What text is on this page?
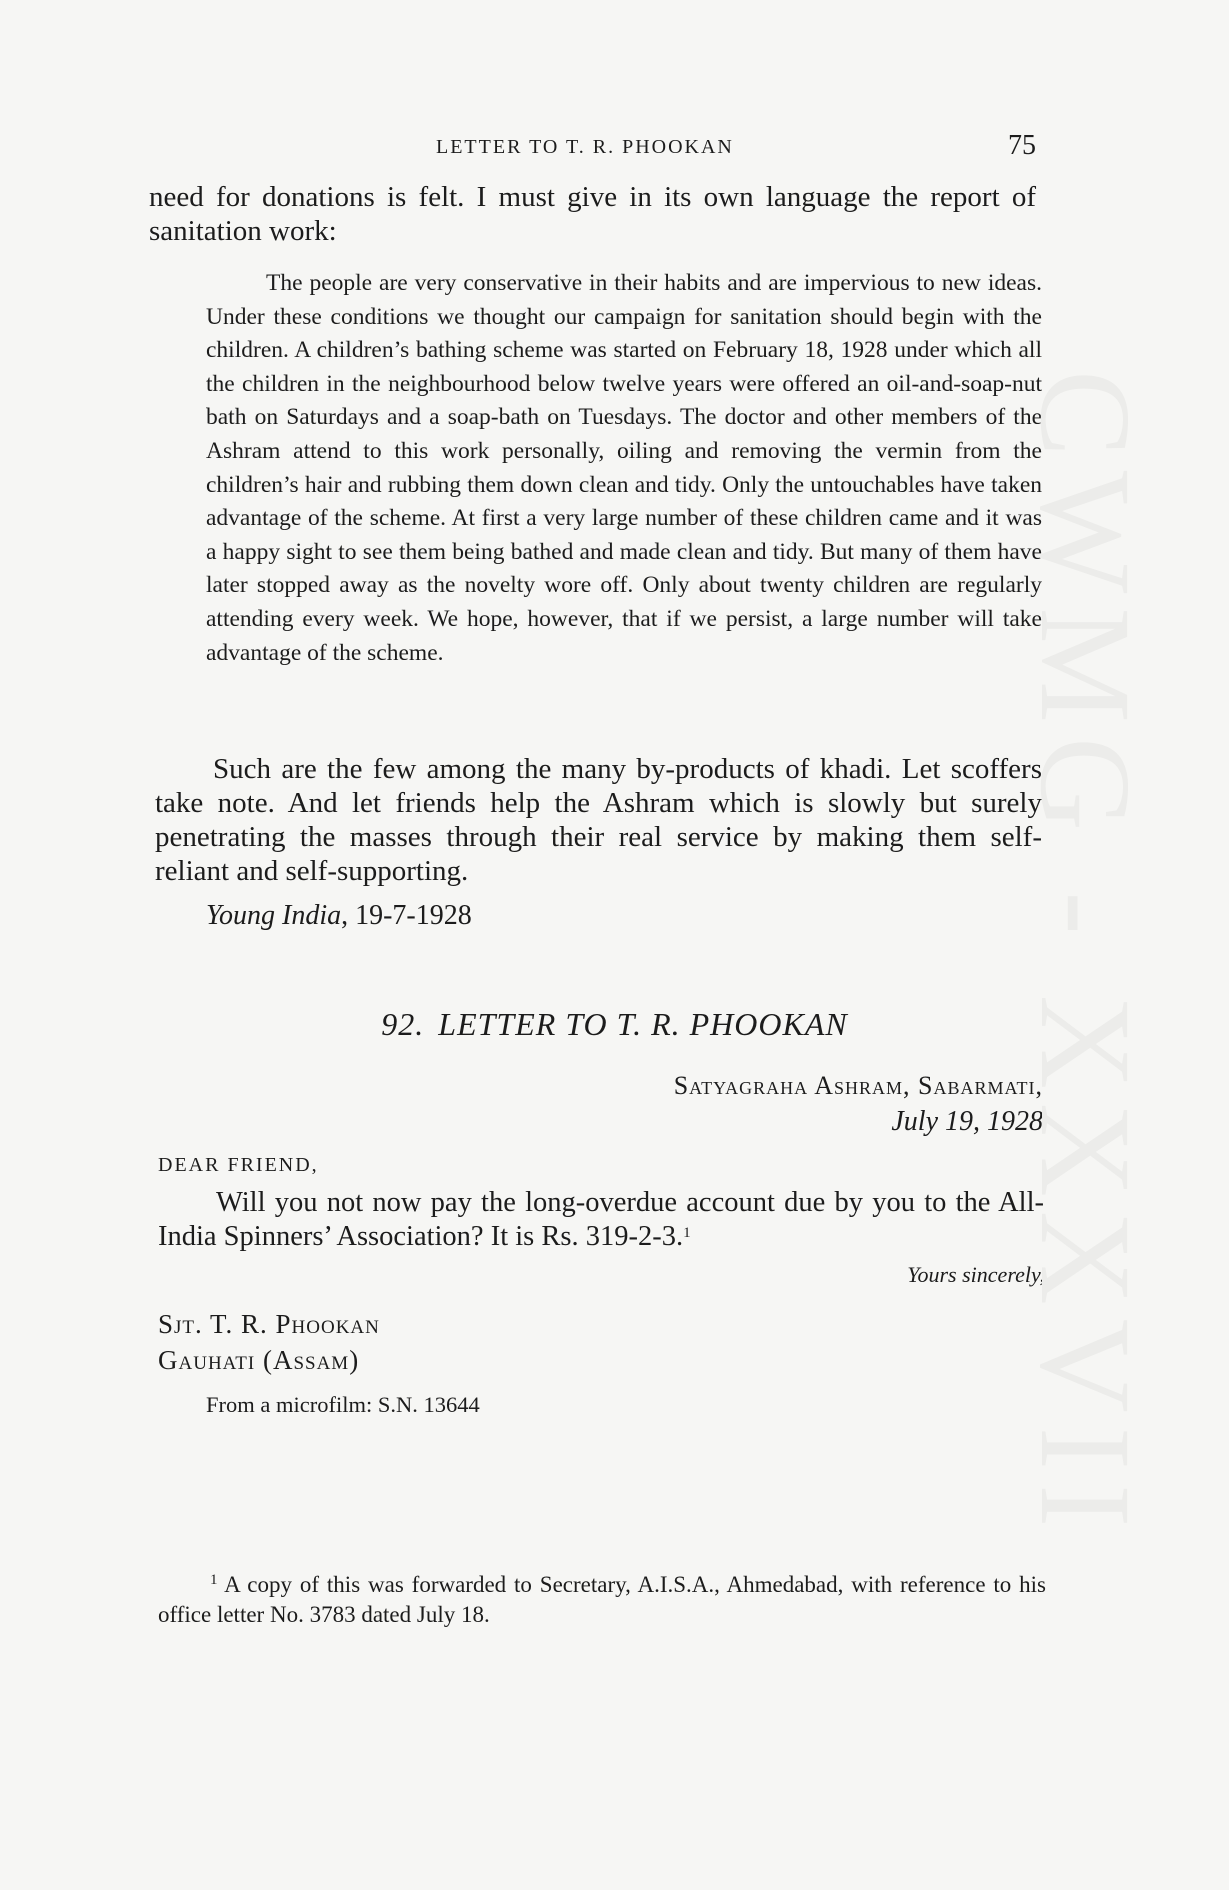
LETTER TO T. R. PHOOKAN	75

need for donations is felt. I must give in its own language the report of sanitation work:

The people are very conservative in their habits and are impervious to new ideas. Under these conditions we thought our campaign for sanitation should begin with the children. A children’s bathing scheme was started on February 18, 1928 under which all the children in the neighbourhood below twelve years were offered an oil-and-soap-nut bath on Saturdays and a soap-bath on Tuesdays. The doctor and other members of the Ashram attend to this work personally, oiling and removing the vermin from the children’s hair and rubbing them down clean and tidy. Only the untouchables have taken advantage of the scheme. At first a very large number of these children came and it was a happy sight to see them being bathed and made clean and tidy. But many of them have later stopped away as the novelty wore off. Only about twenty children are regularly attending every week. We hope, however, that if we persist, a large number will take advantage of the scheme.

Such are the few among the many by-products of khadi. Let scoffers take note. And let friends help the Ashram which is slowly but surely penetrating the masses through their real service by making them self-reliant and self-supporting.

Young India, 19-7-1928
92. LETTER TO T. R. PHOOKAN
Satyagraha Ashram, Sabarmati,
July 19, 1928
DEAR FRIEND,

Will you not now pay the long-overdue account due by you to the All-India Spinners’ Association? It is Rs. 319-2-3.$^1$

Yours sincerely,
Sjt. T. R. Phookan
Gauhati (Assam)
From a microfilm: S.N. 13644

$^1$ A copy of this was forwarded to Secretary, A.I.S.A., Ahmedabad, with reference to his office letter No. 3783 dated July 18.

CWMG - XXXVII
